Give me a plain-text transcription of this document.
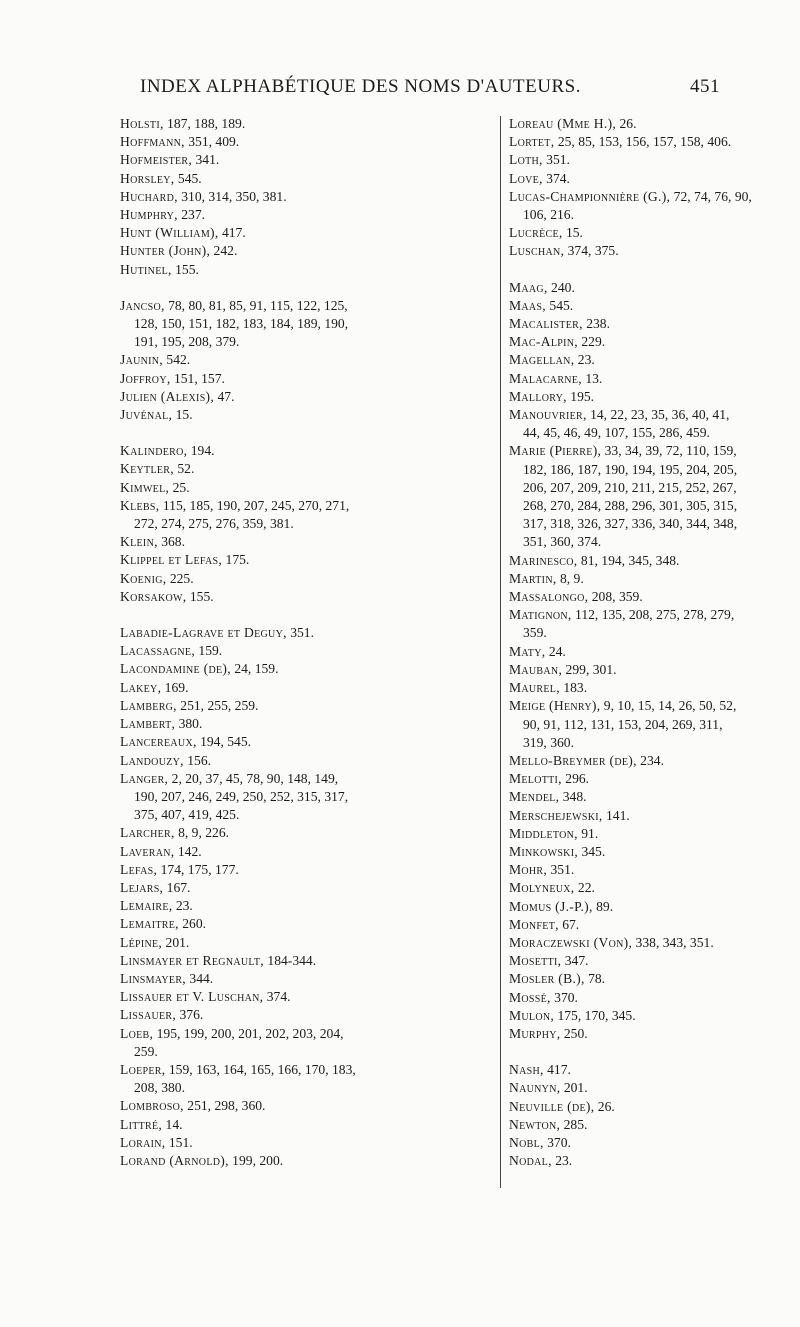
INDEX ALPHABÉTIQUE DES NOMS D'AUTEURS.	451
Holsti, 187, 188, 189.
Hoffmann, 351, 409.
Hofmeister, 341.
Horsley, 545.
Huchard, 310, 314, 350, 381.
Humphry, 237.
Hunt (William), 417.
Hunter (John), 242.
Hutinel, 155.
Jancso, 78, 80, 81, 85, 91, 115, 122, 125,
128, 150, 151, 182, 183, 184, 189, 190,
191, 195, 208, 379.
Jaunin, 542.
Joffroy, 151, 157.
Julien (Alexis), 47.
Juvénal, 15.
Kalindero, 194.
Keytler, 52.
Kimwel, 25.
Klebs, 115, 185, 190, 207, 245, 270, 271,
272, 274, 275, 276, 359, 381.
Klein, 368.
Klippel et Lefas, 175.
Koenig, 225.
Korsakow, 155.
Labadie-Lagrave et Deguy, 351.
Lacassagne, 159.
Lacondamine (de), 24, 159.
Lakey, 169.
Lamberg, 251, 255, 259.
Lambert, 380.
Lancereaux, 194, 545.
Landouzy, 156.
Langer, 2, 20, 37, 45, 78, 90, 148, 149,
190, 207, 246, 249, 250, 252, 315, 317,
375, 407, 419, 425.
Larcher, 8, 9, 226.
Laveran, 142.
Lefas, 174, 175, 177.
Lejars, 167.
Lemaire, 23.
Lemaitre, 260.
Lépine, 201.
Linsmayer et Regnault, 184-344.
Linsmayer, 344.
Lissauer et V. Luschan, 374.
Lissauer, 376.
Loeb, 195, 199, 200, 201, 202, 203, 204,
259.
Loeper, 159, 163, 164, 165, 166, 170, 183,
208, 380.
Lombroso, 251, 298, 360.
Littré, 14.
Lorain, 151.
Lorand (Arnold), 199, 200.
Loreau (Mme H.), 26.
Lortet, 25, 85, 153, 156, 157, 158, 406.
Loth, 351.
Love, 374.
Lucas-Championnière (G.), 72, 74, 76, 90,
106, 216.
Lucrèce, 15.
Luschan, 374, 375.
Maag, 240.
Maas, 545.
Macalister, 238.
Mac-Alpin, 229.
Magellan, 23.
Malacarne, 13.
Mallory, 195.
Manouvrier, 14, 22, 23, 35, 36, 40, 41,
44, 45, 46, 49, 107, 155, 286, 459.
Marie (Pierre), 33, 34, 39, 72, 110, 159,
182, 186, 187, 190, 194, 195, 204, 205,
206, 207, 209, 210, 211, 215, 252, 267,
268, 270, 284, 288, 296, 301, 305, 315,
317, 318, 326, 327, 336, 340, 344, 348,
351, 360, 374.
Marinesco, 81, 194, 345, 348.
Martin, 8, 9.
Massalongo, 208, 359.
Matignon, 112, 135, 208, 275, 278, 279,
359.
Maty, 24.
Mauban, 299, 301.
Maurel, 183.
Meige (Henry), 9, 10, 15, 14, 26, 50, 52,
90, 91, 112, 131, 153, 204, 269, 311,
319, 360.
Mello-Breymer (de), 234.
Melotti, 296.
Mendel, 348.
Merschejewski, 141.
Middleton, 91.
Minkowski, 345.
Mohr, 351.
Molyneux, 22.
Momus (J.-P.), 89.
Monfet, 67.
Moraczewski (Von), 338, 343, 351.
Mosetti, 347.
Mosler (B.), 78.
Mossé, 370.
Mulon, 175, 170, 345.
Murphy, 250.
Nash, 417.
Naunyn, 201.
Neuville (de), 26.
Newton, 285.
Nobl, 370.
Nodal, 23.
